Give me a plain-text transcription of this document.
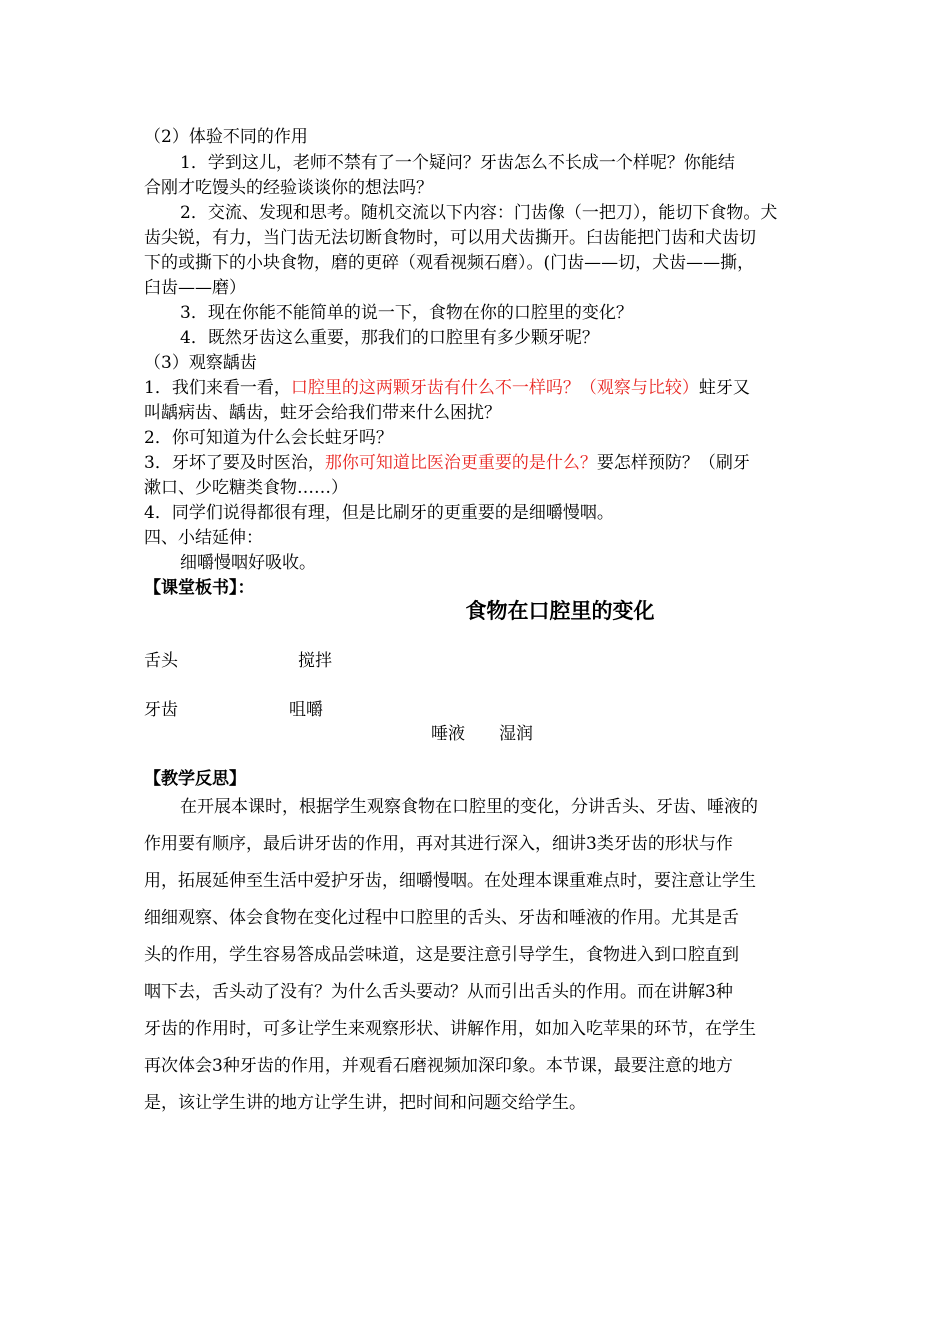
（2）体验不同的作用
1．学到这儿，老师不禁有了一个疑问？牙齿怎么不长成一个样呢？你能结
合刚才吃馒头的经验谈谈你的想法吗？
2．交流、发现和思考。随机交流以下内容：门齿像（一把刀），能切下食物。犬
齿尖锐，有力，当门齿无法切断食物时，可以用犬齿撕开。臼齿能把门齿和犬齿切
下的或撕下的小块食物，磨的更碎（观看视频石磨）。(门齿——切，犬齿——撕，
臼齿——磨）
3．现在你能不能简单的说一下，食物在你的口腔里的变化？
4．既然牙齿这么重要，那我们的口腔里有多少颗牙呢？
（3）观察龋齿
1．我们来看一看，口腔里的这两颗牙齿有什么不一样吗？（观察与比较）蛀牙又
叫龋病齿、龋齿，蛀牙会给我们带来什么困扰？
2．你可知道为什么会长蛀牙吗？
3．牙坏了要及时医治，那你可知道比医治更重要的是什么？要怎样预防？（刷牙
漱口、少吃糖类食物……）
4．同学们说得都很有理，但是比刷牙的更重要的是细嚼慢咽。
四、小结延伸：
细嚼慢咽好吸收。
【课堂板书】：
食物在口腔里的变化
舌头	搅拌
牙齿	咀嚼
唾液 湿润
【教学反思】
在开展本课时，根据学生观察食物在口腔里的变化，分讲舌头、牙齿、唾液的
作用要有顺序，最后讲牙齿的作用，再对其进行深入，细讲3类牙齿的形状与作
用，拓展延伸至生活中爱护牙齿，细嚼慢咽。在处理本课重难点时，要注意让学生
细细观察、体会食物在变化过程中口腔里的舌头、牙齿和唾液的作用。尤其是舌
头的作用，学生容易答成品尝味道，这是要注意引导学生，食物进入到口腔直到
咽下去，舌头动了没有？为什么舌头要动？从而引出舌头的作用。而在讲解3种
牙齿的作用时，可多让学生来观察形状、讲解作用，如加入吃苹果的环节，在学生
再次体会3种牙齿的作用，并观看石磨视频加深印象。本节课，最要注意的地方
是，该让学生讲的地方让学生讲，把时间和问题交给学生。
